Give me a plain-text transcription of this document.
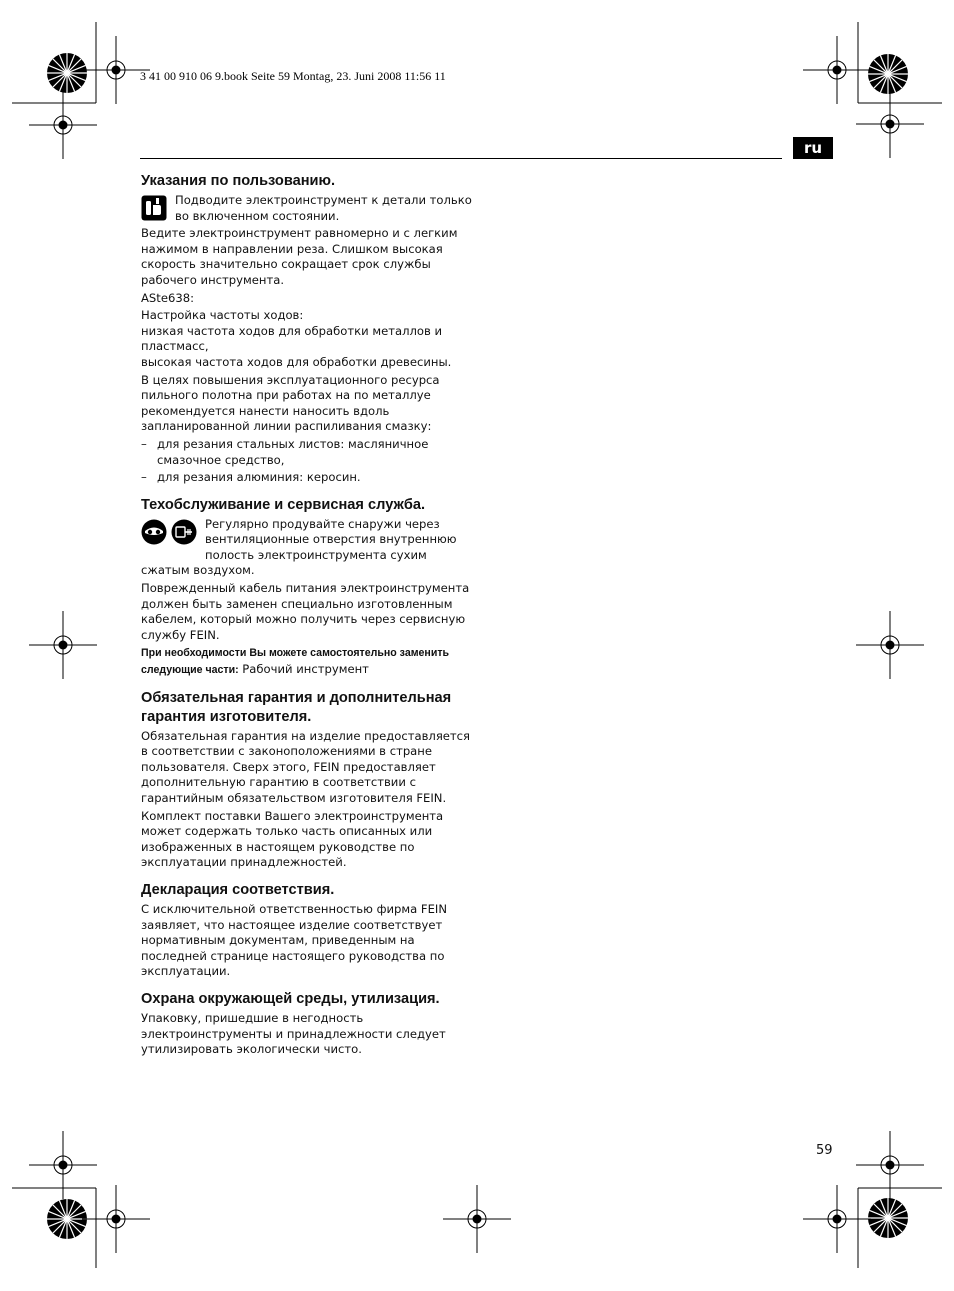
3 41 00 910 06 9.book Seite 59 Montag, 23. Juni 2008 11:56 11
ru
Указания по пользованию.
Подводите электроинструмент к детали только во включенном состоянии.
Ведите электроинструмент равномерно и с легким нажимом в направлении реза. Слишком высокая скорость значительно сокращает срок службы рабочего инструмента.
ASte638:
Настройка частоты ходов:
низкая частота ходов для обработки металлов и пластмасс,
высокая частота ходов для обработки древесины.
В целях повышения эксплуатационного ресурса пильного полотна при работах на по металлуе рекомендуется нанести наносить вдоль запланированной линии распиливания смазку:
– для резания стальных листов: масляничное смазочное средство,
– для резания алюминия: керосин.
Техобслуживание и сервисная служба.
Регулярно продувайте снаружи через вентиляционные отверстия внутреннюю полость электроинструмента сухим
сжатым воздухом.
Поврежденный кабель питания электроинструмента должен быть заменен специально изготовленным кабелем, который можно получить через сервисную службу FEIN.
При необходимости Вы можете самостоятельно заменить следующие части: Рабочий инструмент
Обязательная гарантия и дополнительная гарантия изготовителя.
Обязательная гарантия на изделие предоставляется в соответствии с законоположениями в стране пользователя. Сверх этого, FEIN предоставляет дополнительную гарантию в соответствии с гарантийным обязательством изготовителя FEIN.
Комплект поставки Вашего электроинструмента может содержать только часть описанных или изображенных в настоящем руководстве по эксплуатации принадлежностей.
Декларация соответствия.
С исключительной ответственностью фирма FEIN заявляет, что настоящее изделие соответствует нормативным документам, приведенным на последней странице настоящего руководства по эксплуатации.
Охрана окружающей среды, утилизация.
Упаковку, пришедшие в негодность электроинструменты и принадлежности следует утилизировать экологически чисто.
59
